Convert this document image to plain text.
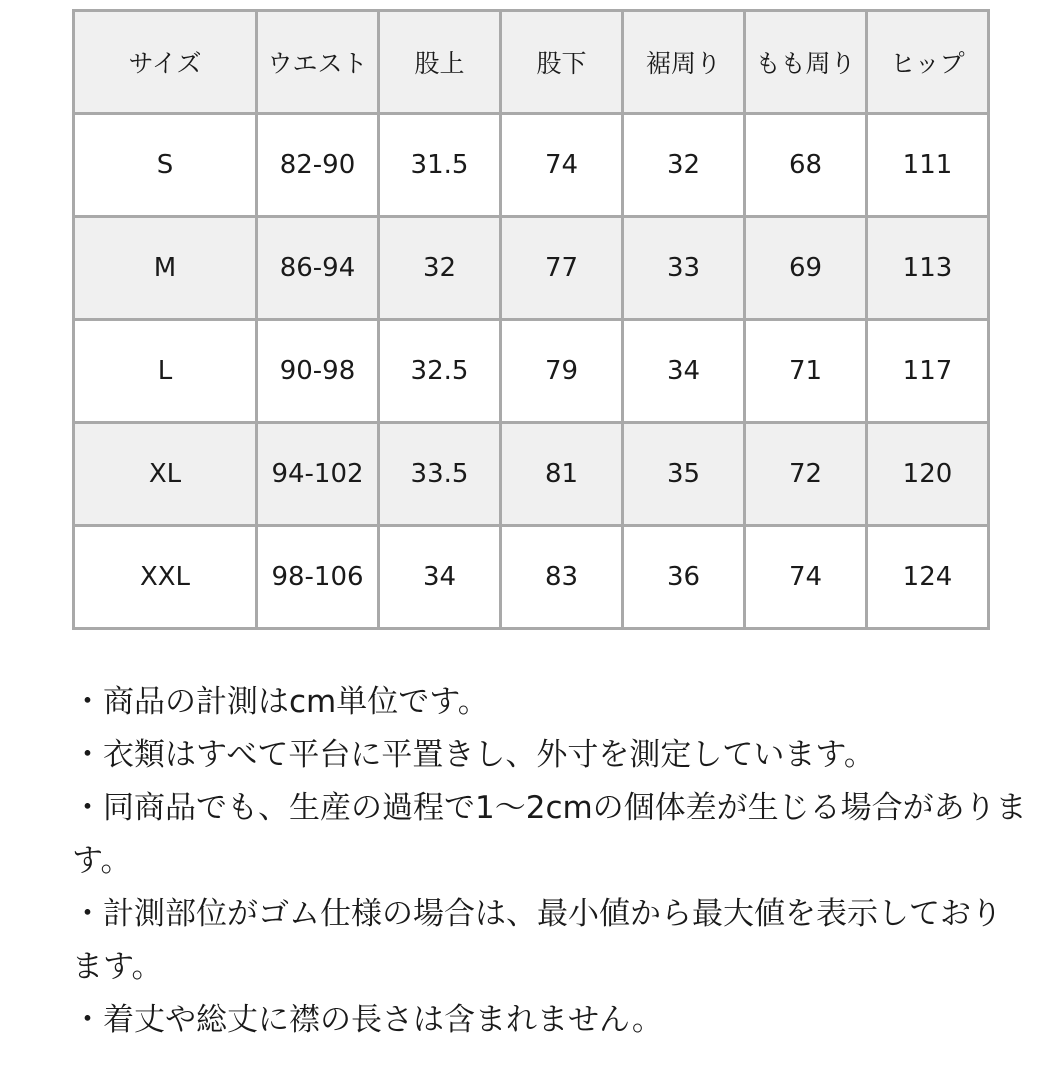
サイズ	ウエスト	股上	股下	裾周り	もも周り	ヒップ
S	82-90	31.5	74	32	68	111
M	86-94	32	77	33	69	113
L	90-98	32.5	79	34	71	117
XL	94-102	33.5	81	35	72	120
XXL	98-106	34	83	36	74	124

・商品の計測はcm単位です。

・衣類はすべて平台に平置きし、外寸を測定しています。

・同商品でも、生産の過程で1～2cmの個体差が生じる場合があります。

・計測部位がゴム仕様の場合は、最小値から最大値を表示しております。

・着丈や総丈に襟の長さは含まれません。
